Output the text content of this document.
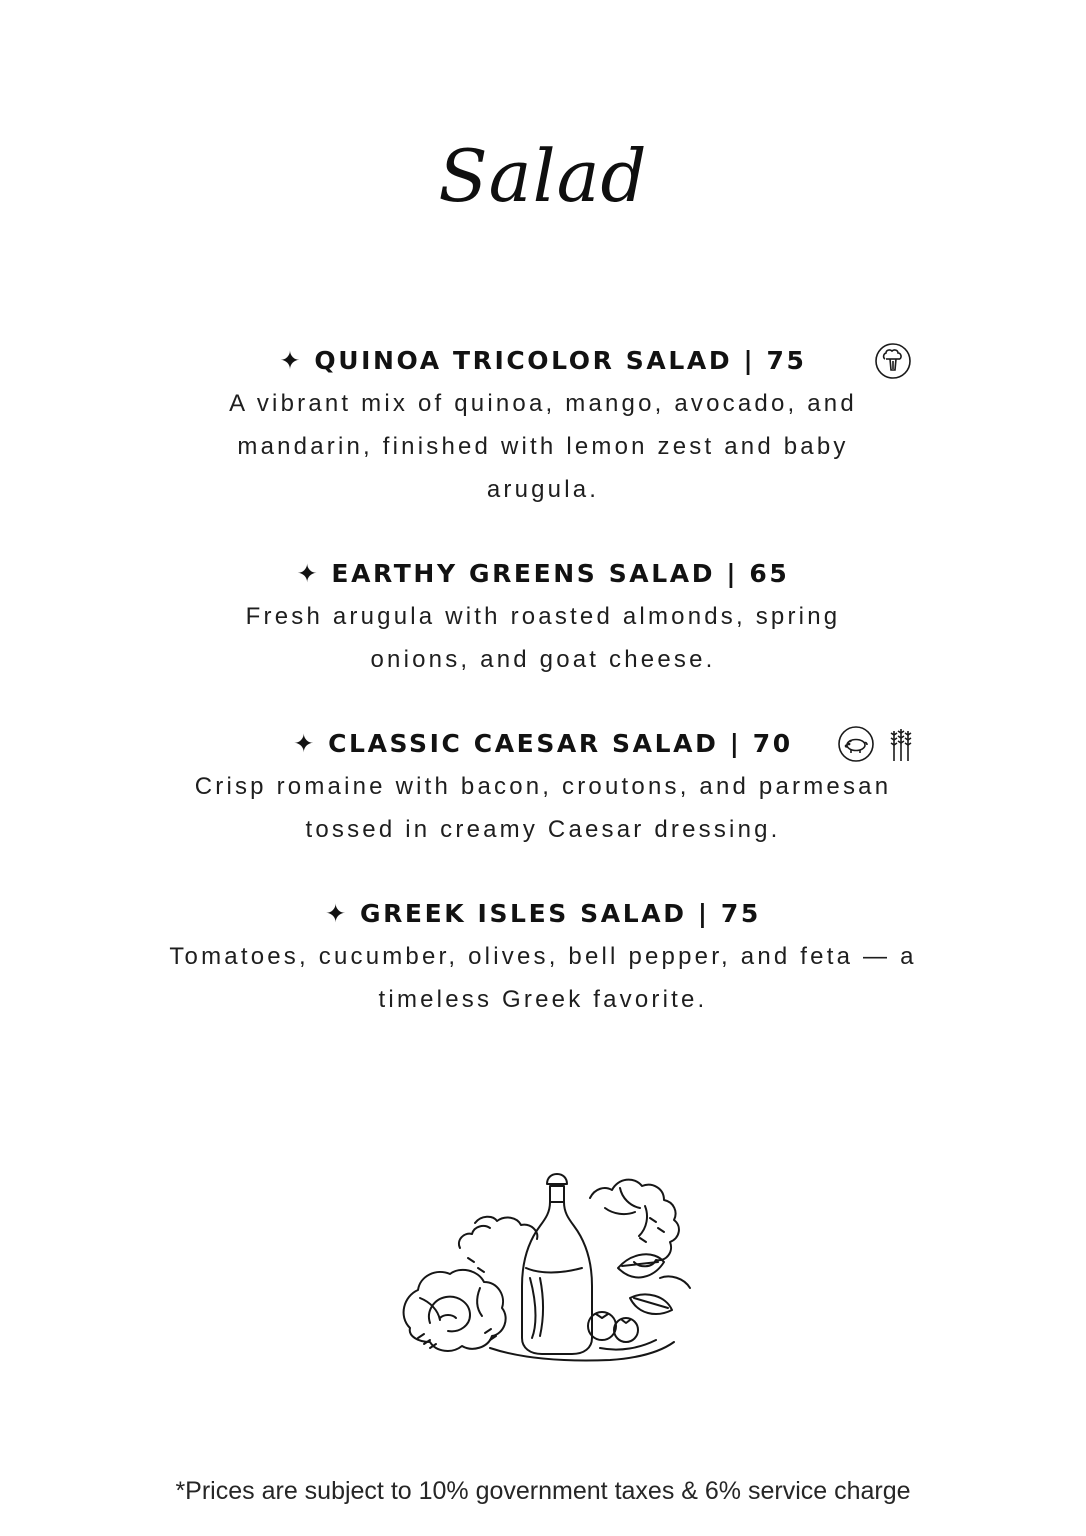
Salad
✦ QUINOA TRICOLOR SALAD | 75
A vibrant mix of quinoa, mango, avocado, and mandarin, finished with lemon zest and baby arugula.
✦ EARTHY GREENS SALAD | 65
Fresh arugula with roasted almonds, spring onions, and goat cheese.
✦ CLASSIC CAESAR SALAD | 70
Crisp romaine with bacon, croutons, and parmesan tossed in creamy Caesar dressing.
✦ GREEK ISLES SALAD | 75
Tomatoes, cucumber, olives, bell pepper, and feta — a timeless Greek favorite.
*Prices are subject to 10% government taxes & 6% service charge
